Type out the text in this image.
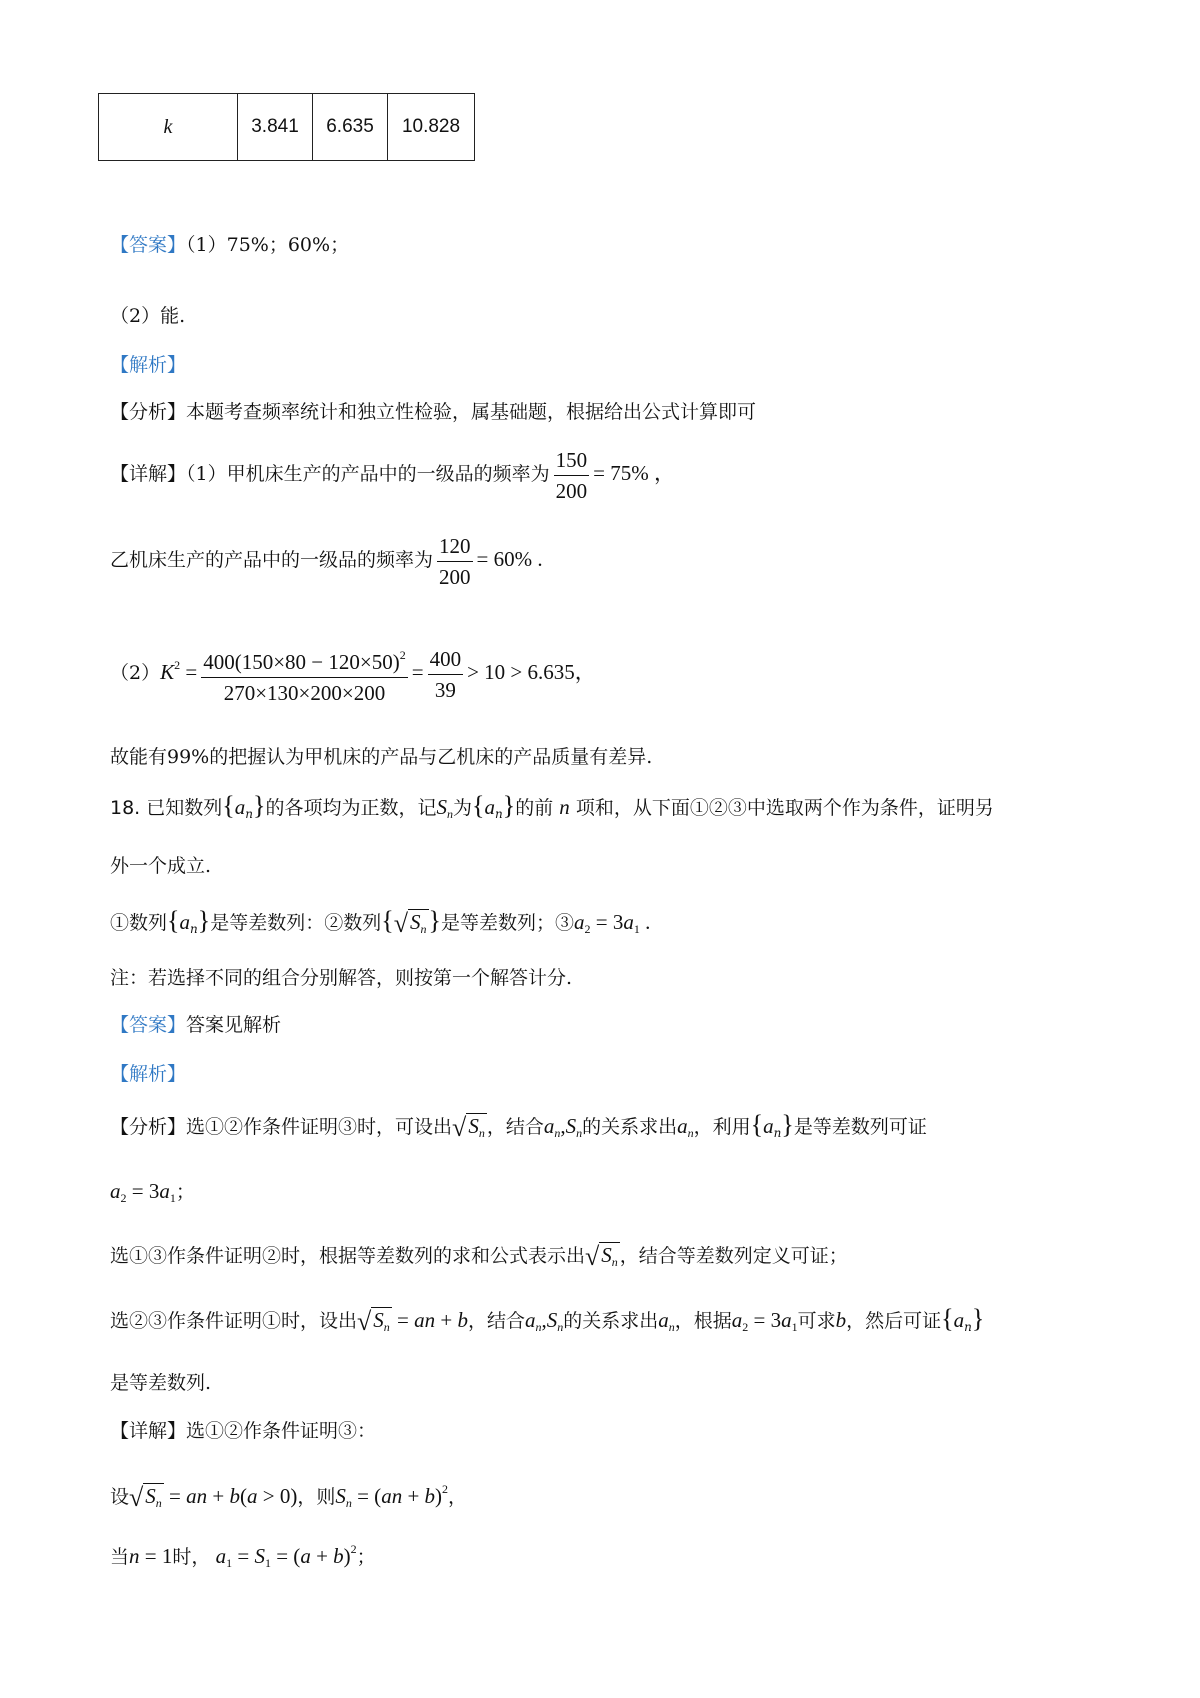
k	3.841	6.635	10.828
【答案】（1）75%；60%；
（2）能.
【解析】
【分析】本题考查频率统计和独立性检验，属基础题，根据给出公式计算即可
【详解】（1）甲机床生产的产品中的一级品的频率为 $\frac{150}{200} = 75\%$ ，
乙机床生产的产品中的一级品的频率为 $\frac{120}{200} = 60\%$ .
$(2)K^2 = \frac{400(150\times 80 - 120\times 50)^2}{270\times 130\times 200\times 200} = \frac{400}{39} > 10 > 6.635$，
故能有99%的把握认为甲机床的产品与乙机床的产品质量有差异.
18. 已知数列$\{a_n\}$的各项均为正数，记$S_n$为$\{a_n\}$的前 n 项和，从下面①②③中选取两个作为条件，证明另
外一个成立.
①数列$\{a_n\}$是等差数列：②数列$\{√S_n\}$是等差数列；$③a_2 = 3a_1$ .
注：若选择不同的组合分别解答，则按第一个解答计分.
【答案】答案见解析
【解析】
【分析】选①②作条件证明③时，可设出$√S_n$ ，结合$a_n,S_n$的关系求出$a_n$，利用$\{a_n\}$是等差数列可证
$a_2 = 3a_1$；
选①③作条件证明②时，根据等差数列的求和公式表示出$√S_n$ ，结合等差数列定义可证；
选②③作条件证明①时，设出$√S_n$ = an + b，结合$a_n,S_n$的关系求出$a_n$，根据$a_2 = 3a_1$可求b，然后可证$\{a_n\}$
是等差数列.
【详解】选①②作条件证明③：
设$√S_n$ = an + b(a > 0)，则$S_n = (an + b)^2$，
当n = 1时， $a_1 = S_1 = (a + b)^2$；
